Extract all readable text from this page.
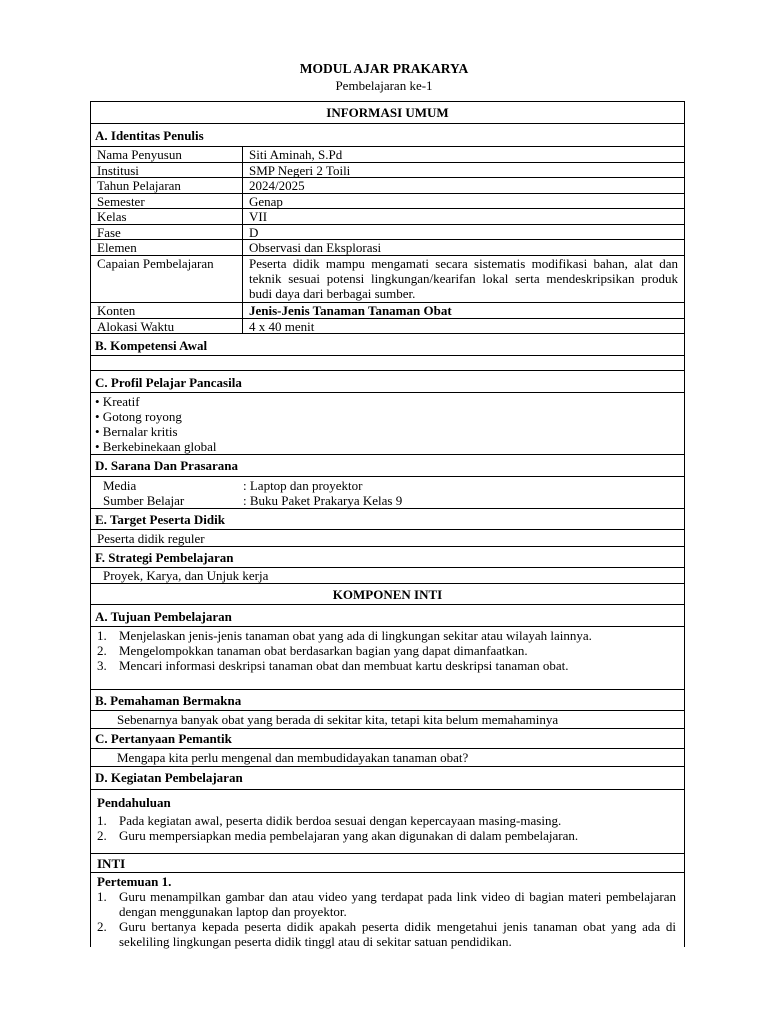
MODUL AJAR PRAKARYA
Pembelajaran ke-1
INFORMASI UMUM
A. Identitas Penulis
Nama Penyusun	Siti Aminah, S.Pd
Institusi	SMP Negeri 2 Toili
Tahun Pelajaran	2024/2025
Semester	Genap
Kelas	VII
Fase	D
Elemen	Observasi dan Eksplorasi
Capaian Pembelajaran	Peserta didik mampu mengamati secara sistematis modifikasi bahan, alat dan teknik sesuai potensi lingkungan/kearifan lokal serta mendeskripsikan produk budi daya dari berbagai sumber.
Konten	Jenis-Jenis Tanaman Tanaman Obat
Alokasi Waktu	4 x 40 menit
B. Kompetensi Awal
C. Profil Pelajar Pancasila
• Kreatif
• Gotong royong
• Bernalar kritis
• Berkebinekaan global
D. Sarana Dan Prasarana
Media	: Laptop dan proyektor
Sumber Belajar	: Buku Paket Prakarya Kelas 9
E. Target Peserta Didik
Peserta didik reguler
F. Strategi Pembelajaran
Proyek, Karya, dan Unjuk kerja
KOMPONEN INTI
A. Tujuan Pembelajaran
1. Menjelaskan jenis-jenis tanaman obat yang ada di lingkungan sekitar atau wilayah lainnya.
2. Mengelompokkan tanaman obat berdasarkan bagian yang dapat dimanfaatkan.
3. Mencari informasi deskripsi tanaman obat dan membuat kartu deskripsi tanaman obat.
B. Pemahaman Bermakna
Sebenarnya banyak obat yang berada di sekitar kita, tetapi kita belum memahaminya
C. Pertanyaan Pemantik
Mengapa kita perlu mengenal dan membudidayakan tanaman obat?
D. Kegiatan Pembelajaran
Pendahuluan
1. Pada kegiatan awal, peserta didik berdoa sesuai dengan kepercayaan masing-masing.
2. Guru mempersiapkan media pembelajaran yang akan digunakan di dalam pembelajaran.
INTI
Pertemuan 1.
1. Guru menampilkan gambar dan atau video yang terdapat pada link video di bagian materi pembelajaran dengan menggunakan laptop dan proyektor.
2. Guru bertanya kepada peserta didik apakah peserta didik mengetahui jenis tanaman obat yang ada di sekeliling lingkungan peserta didik tinggl atau di sekitar satuan pendidikan.
